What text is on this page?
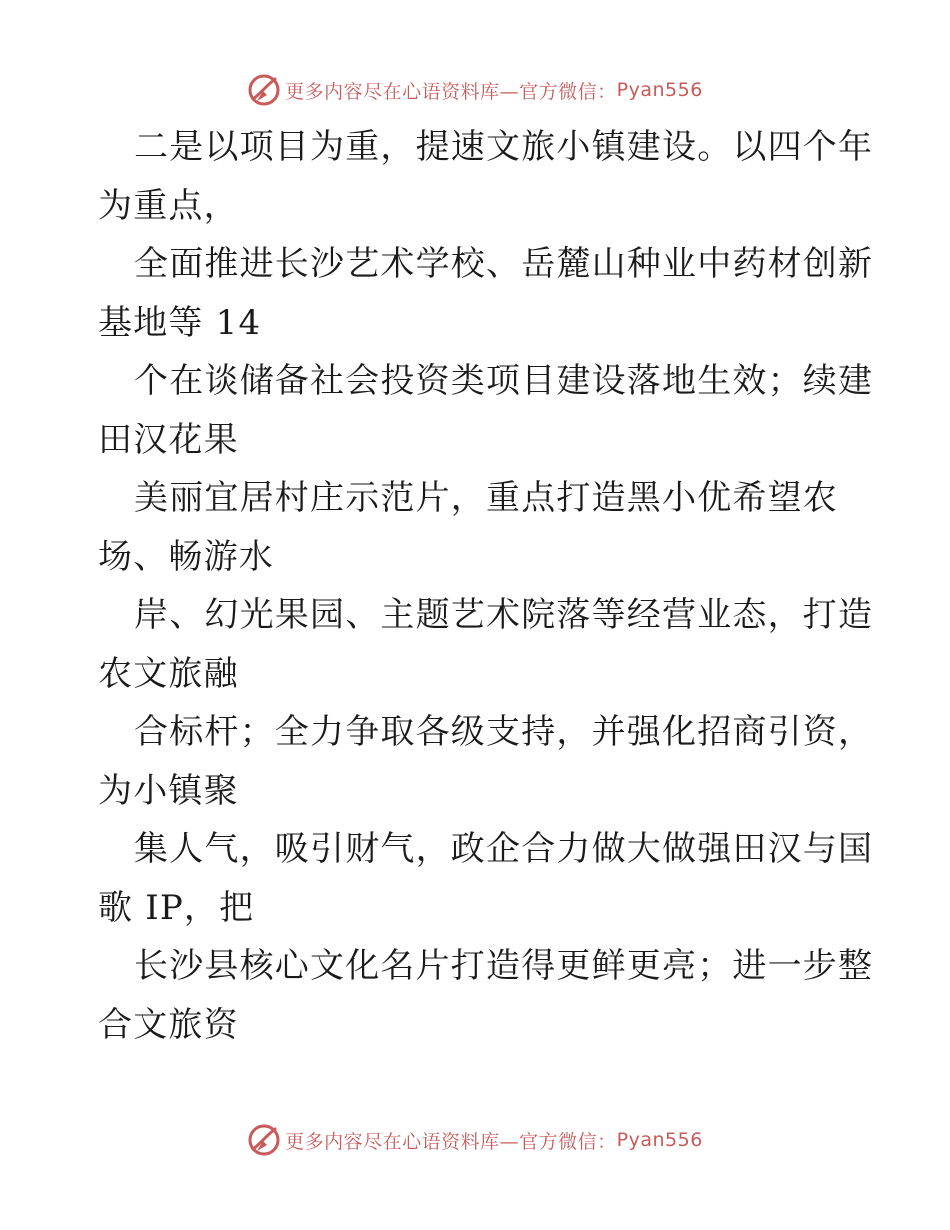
更多内容尽在心语资料库—官方微信： Pyan556
二是以项目为重，提速文旅小镇建设。以四个年
为重点，
全面推进长沙艺术学校、岳麓山种业中药材创新
基地等 14
个在谈储备社会投资类项目建设落地生效；续建
田汉花果
美丽宜居村庄示范片，重点打造黑小优希望农
场、畅游水
岸、幻光果园、主题艺术院落等经营业态，打造
农文旅融
合标杆；全力争取各级支持，并强化招商引资，
为小镇聚
集人气，吸引财气，政企合力做大做强田汉与国
歌 IP，把
长沙县核心文化名片打造得更鲜更亮；进一步整
合文旅资
更多内容尽在心语资料库—官方微信： Pyan556
